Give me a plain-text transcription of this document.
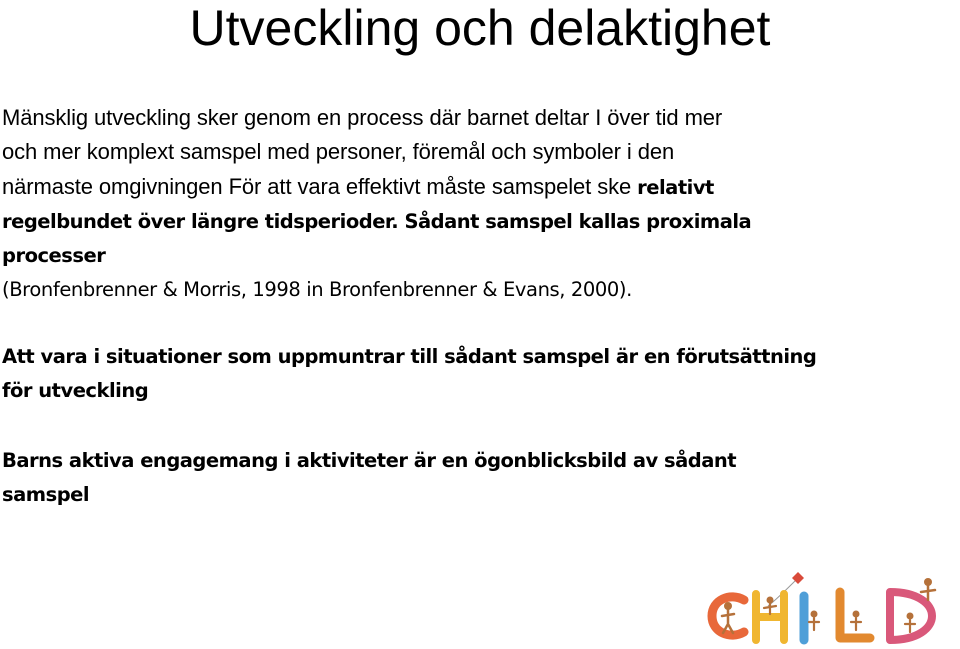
Utveckling och delaktighet
Mänsklig utveckling sker genom en process där barnet deltar I över tid mer
och mer komplext samspel med personer, föremål och symboler i den
närmaste omgivningen För att vara effektivt måste samspelet ske relativt
regelbundet över längre tidsperioder. Sådant samspel kallas proximala
processer
(Bronfenbrenner & Morris, 1998 in Bronfenbrenner & Evans, 2000).
Att vara i situationer som uppmuntrar till sådant samspel är en förutsättning
för utveckling
Barns aktiva engagemang i aktiviteter är en ögonblicksbild av sådant
samspel
